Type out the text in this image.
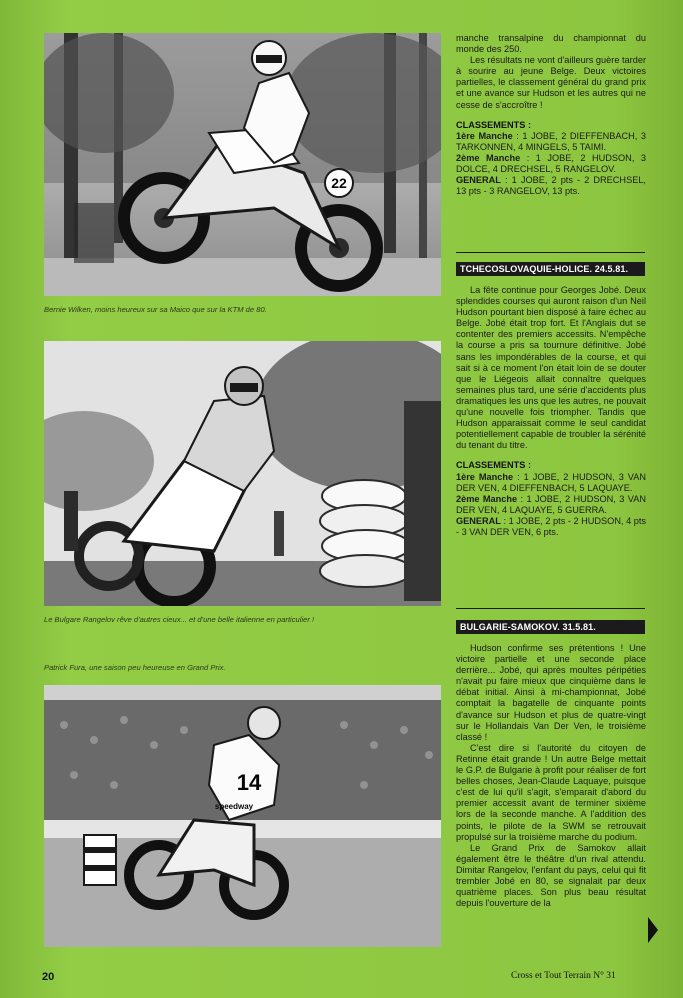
22
Bernie Wilken, moins heureux sur sa Maico que sur la KTM de 80.
Le Bulgare Rangelov rêve d'autres cieux... et d'une belle italienne en particulier !
Patrick Fura, une saison peu heureuse en Grand Prix.
14
speedway

manche transalpine du championnat du monde des 250.

Les résultats ne vont d'ailleurs guère tarder à sourire au jeune Belge. Deux victoires partielles, le classement général du grand prix et une avance sur Hudson et les autres qui ne cesse de s'accroître !

CLASSEMENTS :

1ère Manche : 1 JOBE, 2 DIEFFENBACH, 3 TARKONNEN, 4 MINGELS, 5 TAIMI.

2ème Manche : 1 JOBE, 2 HUDSON, 3 DOLCE, 4 DRECHSEL, 5 RANGELOV.

GENERAL : 1 JOBE, 2 pts - 2 DRECHSEL, 13 pts - 3 RANGELOV, 13 pts.

TCHECOSLOVAQUIE-HOLICE. 24.5.81.

La fête continue pour Georges Jobé. Deux splendides courses qui auront raison d'un Neil Hudson pourtant bien disposé à faire échec au Belge. Jobé était trop fort. Et l'Anglais dut se contenter des premiers accessits. N'empêche la course a pris sa tournure définitive. Jobé sans les impondérables de la course, et qui sait si à ce moment l'on était loin de se douter que le Liégeois allait connaître quelques semaines plus tard, une série d'accidents plus dramatiques les uns que les autres, ne pouvait qu'une nouvelle fois triompher. Tandis que Hudson apparaissait comme le seul candidat potentiellement capable de troubler la sérénité du tenant du titre.

CLASSEMENTS :

1ère Manche : 1 JOBE, 2 HUDSON, 3 VAN DER VEN, 4 DIEFFENBACH, 5 LAQUAYE.

2ème Manche : 1 JOBE, 2 HUDSON, 3 VAN DER VEN, 4 LAQUAYE, 5 GUERRA.

GENERAL : 1 JOBE, 2 pts - 2 HUDSON, 4 pts - 3 VAN DER VEN, 6 pts.

BULGARIE-SAMOKOV. 31.5.81.

Hudson confirme ses prétentions ! Une victoire partielle et une seconde place derrière... Jobé, qui après moultes péripéties n'avait pu faire mieux que cinquième dans le débat initial. Ainsi à mi-championnat, Jobé comptait la bagatelle de cinquante points d'avance sur Hudson et plus de quatre-vingt sur le Hollandais Van Der Ven, le troisième classé !

C'est dire si l'autorité du citoyen de Retinne était grande ! Un autre Belge mettait le G.P. de Bulgarie à profit pour réaliser de fort belles choses, Jean-Claude Laquaye, puisque c'est de lui qu'il s'agit, s'emparait d'abord du premier accessit avant de terminer sixième lors de la seconde manche. A l'addition des points, le pilote de la SWM se retrouvait propulsé sur la troisième marche du podium.

Le Grand Prix de Samokov allait également être le théâtre d'un rival attendu. Dimitar Rangelov, l'enfant du pays, celui qui fit trembler Jobé en 80, se signalait par deux quatrième places. Son plus beau résultat depuis l'ouverture de la

20	Cross et Tout Terrain N° 31
